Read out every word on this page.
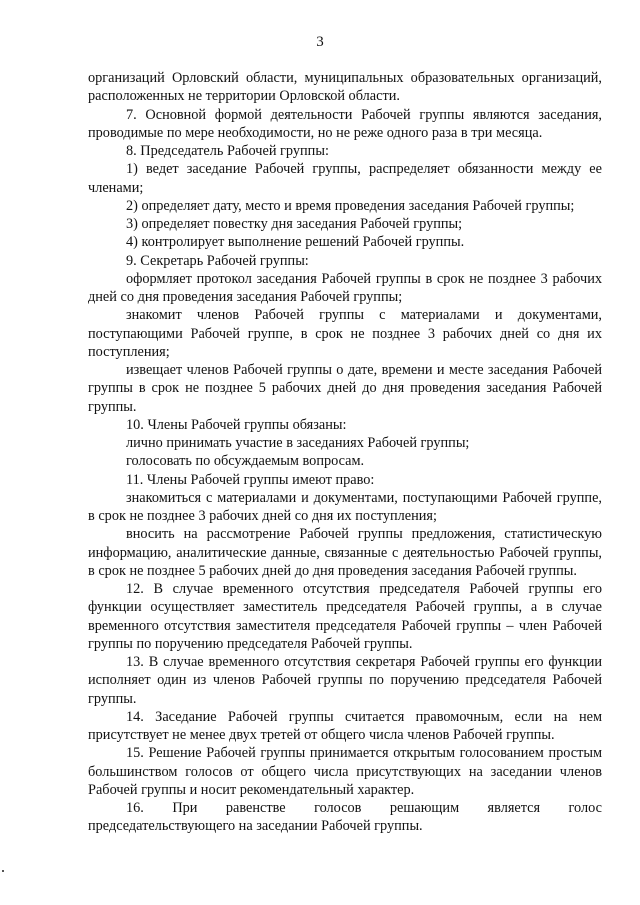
3

организаций Орловский области, муниципальных образовательных организаций, расположенных не территории Орловской области.

7. Основной формой деятельности Рабочей группы являются заседания, проводимые по мере необходимости, но не реже одного раза в три месяца.

8. Председатель Рабочей группы:

1) ведет заседание Рабочей группы, распределяет обязанности между ее членами;

2) определяет дату, место и время проведения заседания Рабочей группы;

3) определяет повестку дня заседания Рабочей группы;

4) контролирует выполнение решений Рабочей группы.

9. Секретарь Рабочей группы:

оформляет протокол заседания Рабочей группы в срок не позднее 3 рабочих дней со дня проведения заседания Рабочей группы;

знакомит членов Рабочей группы с материалами и документами, поступающими Рабочей группе, в срок не позднее 3 рабочих дней со дня их поступления;

извещает членов Рабочей группы о дате, времени и месте заседания Рабочей группы в срок не позднее 5 рабочих дней до дня проведения заседания Рабочей группы.

10. Члены Рабочей группы обязаны:

лично принимать участие в заседаниях Рабочей группы;

голосовать по обсуждаемым вопросам.

11. Члены Рабочей группы имеют право:

знакомиться с материалами и документами, поступающими Рабочей группе, в срок не позднее 3 рабочих дней со дня их поступления;

вносить на рассмотрение Рабочей группы предложения, статистическую информацию, аналитические данные, связанные с деятельностью Рабочей группы, в срок не позднее 5 рабочих дней до дня проведения заседания Рабочей группы.

12. В случае временного отсутствия председателя Рабочей группы его функции осуществляет заместитель председателя Рабочей группы, а в случае временного отсутствия заместителя председателя Рабочей группы – член Рабочей группы по поручению председателя Рабочей группы.

13. В случае временного отсутствия секретаря Рабочей группы его функции исполняет один из членов Рабочей группы по поручению председателя Рабочей группы.

14. Заседание Рабочей группы считается правомочным, если на нем присутствует не менее двух третей от общего числа членов Рабочей группы.

15. Решение Рабочей группы принимается открытым голосованием простым большинством голосов от общего числа присутствующих на заседании членов Рабочей группы и носит рекомендательный характер.

16. При равенстве голосов решающим является голос председательствующего на заседании Рабочей группы.
